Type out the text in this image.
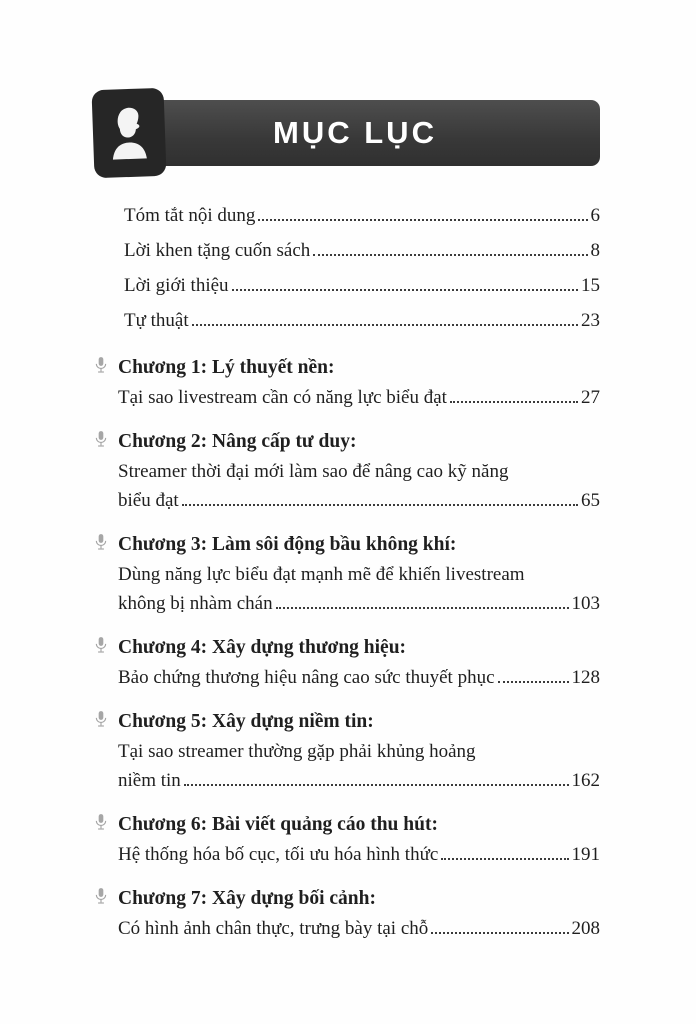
MỤC LỤC
Tóm tắt nội dung	6
Lời khen tặng cuốn sách	8
Lời giới thiệu	15
Tự thuật	23
Chương 1: Lý thuyết nền:
Tại sao livestream cần có năng lực biểu đạt	27
Chương 2: Nâng cấp tư duy:
Streamer thời đại mới làm sao để nâng cao kỹ năng
biểu đạt	65
Chương 3: Làm sôi động bầu không khí:
Dùng năng lực biểu đạt mạnh mẽ để khiến livestream
không bị nhàm chán	103
Chương 4: Xây dựng thương hiệu:
Bảo chứng thương hiệu nâng cao sức thuyết phục	128
Chương 5: Xây dựng niềm tin:
Tại sao streamer thường gặp phải khủng hoảng
niềm tin	162
Chương 6: Bài viết quảng cáo thu hút:
Hệ thống hóa bố cục, tối ưu hóa hình thức	191
Chương 7: Xây dựng bối cảnh:
Có hình ảnh chân thực, trưng bày tại chỗ	208
